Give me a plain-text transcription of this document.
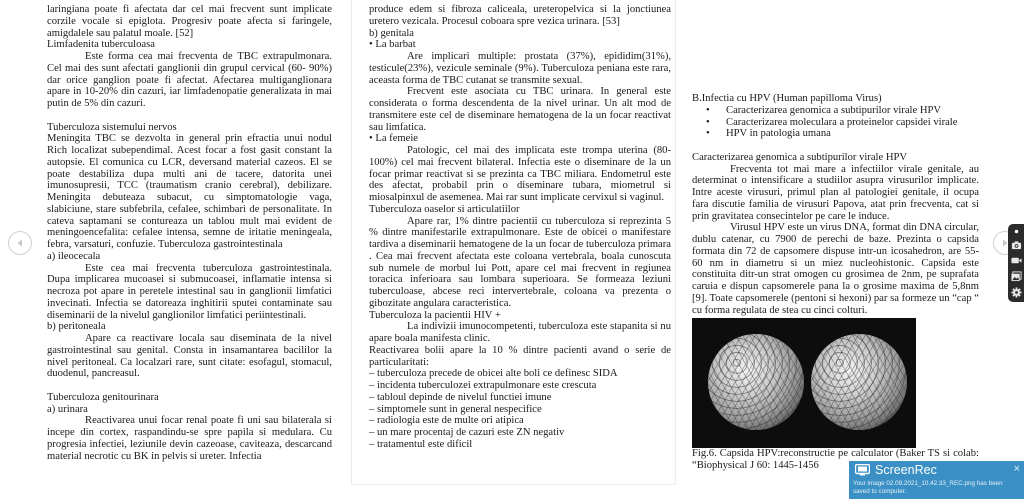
laringiana poate fi afectata dar cel mai frecvent sunt implicate corzile vocale si epiglota. Progresiv poate afecta si faringele, amigdalele sau palatul moale. [52]

Limfadenita tuberculoasa

Este forma cea mai frecventa de TBC extrapulmonara. Cel mai des sunt afectati ganglionii din grupul cervical (60- 90%) dar orice ganglion poate fi afectat. Afectarea multiganglionara apare in 10-20% din cazuri, iar limfadenopatie generalizata in mai putin de 5% din cazuri.

Tuberculoza sistemului nervos

Meningita TBC se dezvolta in general prin efractia unui nodul Rich localizat subependimal. Acest focar a fost gasit constant la autopsie. El comunica cu LCR, deversand material cazeos. El se poate destabiliza dupa multi ani de tacere, datorita unei imunosupresii, TCC (traumatism cranio cerebral), debilizare. Meningita debuteaza subacut, cu simptomatologie vaga, slabiciune, stare subfebrila, cefalee, schimbari de personalitate. In cateva saptamani se contureaza un tablou mult mai evident de meningoencefalita: cefalee intensa, semne de iritatie meningeala, febra, varsaturi, confuzie. Tuberculoza gastrointestinala

a) ileocecala

Este cea mai frecventa tuberculoza gastrointestinala. Dupa implicarea mucoasei si submucoasei, inflamatie intensa si necroza pot apare in peretele intestinal sau in ganglionii limfatici invecinati. Infectia se datoreaza inghitirii sputei contaminate sau diseminarii de la nivelul ganglionilor limfatici periintestinali.

b) peritoneala

Apare ca reactivare locala sau diseminata de la nivel gastrointestinal sau genital. Consta in insamantarea bacililor la nivel peritoneal. Ca localzari rare, sunt citate: esofagul, stomacul, duodenul, pancreasul.

Tuberculoza genitourinara

a) urinara

Reactivarea unui focar renal poate fi uni sau bilaterala si incepe din cortex, raspandindu-se spre papila si medulara. Cu progresia infectiei, leziunile devin cazeoase, caviteaza, descarcand material necrotic cu BK in pelvis si ureter. Infectia

produce edem si fibroza caliceala, ureteropelvica si la jonctiunea uretero vezicala. Procesul coboara spre vezica urinara. [53]

b) genitala

• La barbat

Are implicari multiple: prostata (37%), epididim(31%), testicule(23%), vezicule seminale (9%). Tuberculoza peniana este rara, aceasta forma de TBC cutanat se transmite sexual.

Frecvent este asociata cu TBC urinara. In general este considerata o forma descendenta de la nivel urinar. Un alt mod de transmitere este cel de diseminare hematogena de la un focar reactivat sau limfatica.

• La femeie

Patologic, cel mai des implicata este trompa uterina (80-100%) cel mai frecvent bilateral. Infectia este o diseminare de la un focar primar reactivat si se prezinta ca TBC miliara. Endometrul este des afectat, probabil prin o diseminare tubara, miometrul si miosalpinxul de asemenea. Mai rar sunt implicate cervixul si vaginul.

Tuberculoza oaselor si articulatiilor

Apare rar, 1% dintre pacientii cu tuberculoza si reprezinta 5 % dintre manifestarile extrapulmonare. Este de obicei o manifestare tardiva a diseminarii hematogene de la un focar de tuberculoza primara . Cea mai frecvent afectata este coloana vertebrala, boala cunoscuta sub numele de morbul lui Pott, apare cel mai frecvent in regiunea toracica inferioara sau lombara superioara. Se formeaza leziuni tuberculoase, abcese reci intervertebrale, coloana va prezenta o gibozitate angulara caracteristica.

Tuberculoza la pacientii HIV +

La indivizii imunocompetenti, tuberculoza este stapanita si nu apare boala manifesta clinic.

Reactivarea bolii apare la 10 % dintre pacienti avand o serie de particularitati:

– tuberculoza precede de obicei alte boli ce definesc SIDA

– incidenta tuberculozei extrapulmonare este crescuta

– tabloul depinde de nivelul functiei imune

– simptomele sunt in general nespecifice

– radiologia este de multe ori atipica

– un mare procentaj de cazuri este ZN negativ

– tratamentul este dificil

B.Infectia cu HPV (Human papilloma Virus)

• Caracterizarea genomica a subtipurilor virale HPV
• Caracterizarea moleculara a proteinelor capsidei virale
• HPV in patologia umana

Caracterizarea genomica a subtipurilor virale HPV

Frecventa tot mai mare a infectiilor virale genitale, au determinat o intensificare a studiilor asupra virusurilor implicate. Intre aceste virusuri, primul plan al patologiei genitale, il ocupa fara discutie familia de virusuri Papova, atat prin frecventa, cat si prin gravitatea consecintelor pe care le induce.

Virusul HPV este un virus DNA, format din DNA circular, dublu catenar, cu 7900 de perechi de baze. Prezinta o capsida formata din 72 de capsomere dispuse intr-un icosahedron, are 55-60 nm in diametru si un miez nucleohistonic. Capsida este constituita ditr-un strat omogen cu grosimea de 2nm, pe suprafata caruia e dispun capsomerele pana la o grosime maxima de 5,8nm [9]. Toate capsomerele (pentoni si hexoni) par sa formeze un “cap “ cu forma regulata de stea cu cinci colturi.

Fig.6. Capsida HPV:reconstructie pe calculator (Baker TS si colab: “Biophysical J 60: 1445-1456	ScreenRec	×
Your image 02.09.2021_10.42.33_REC.png has been saved to computer.
